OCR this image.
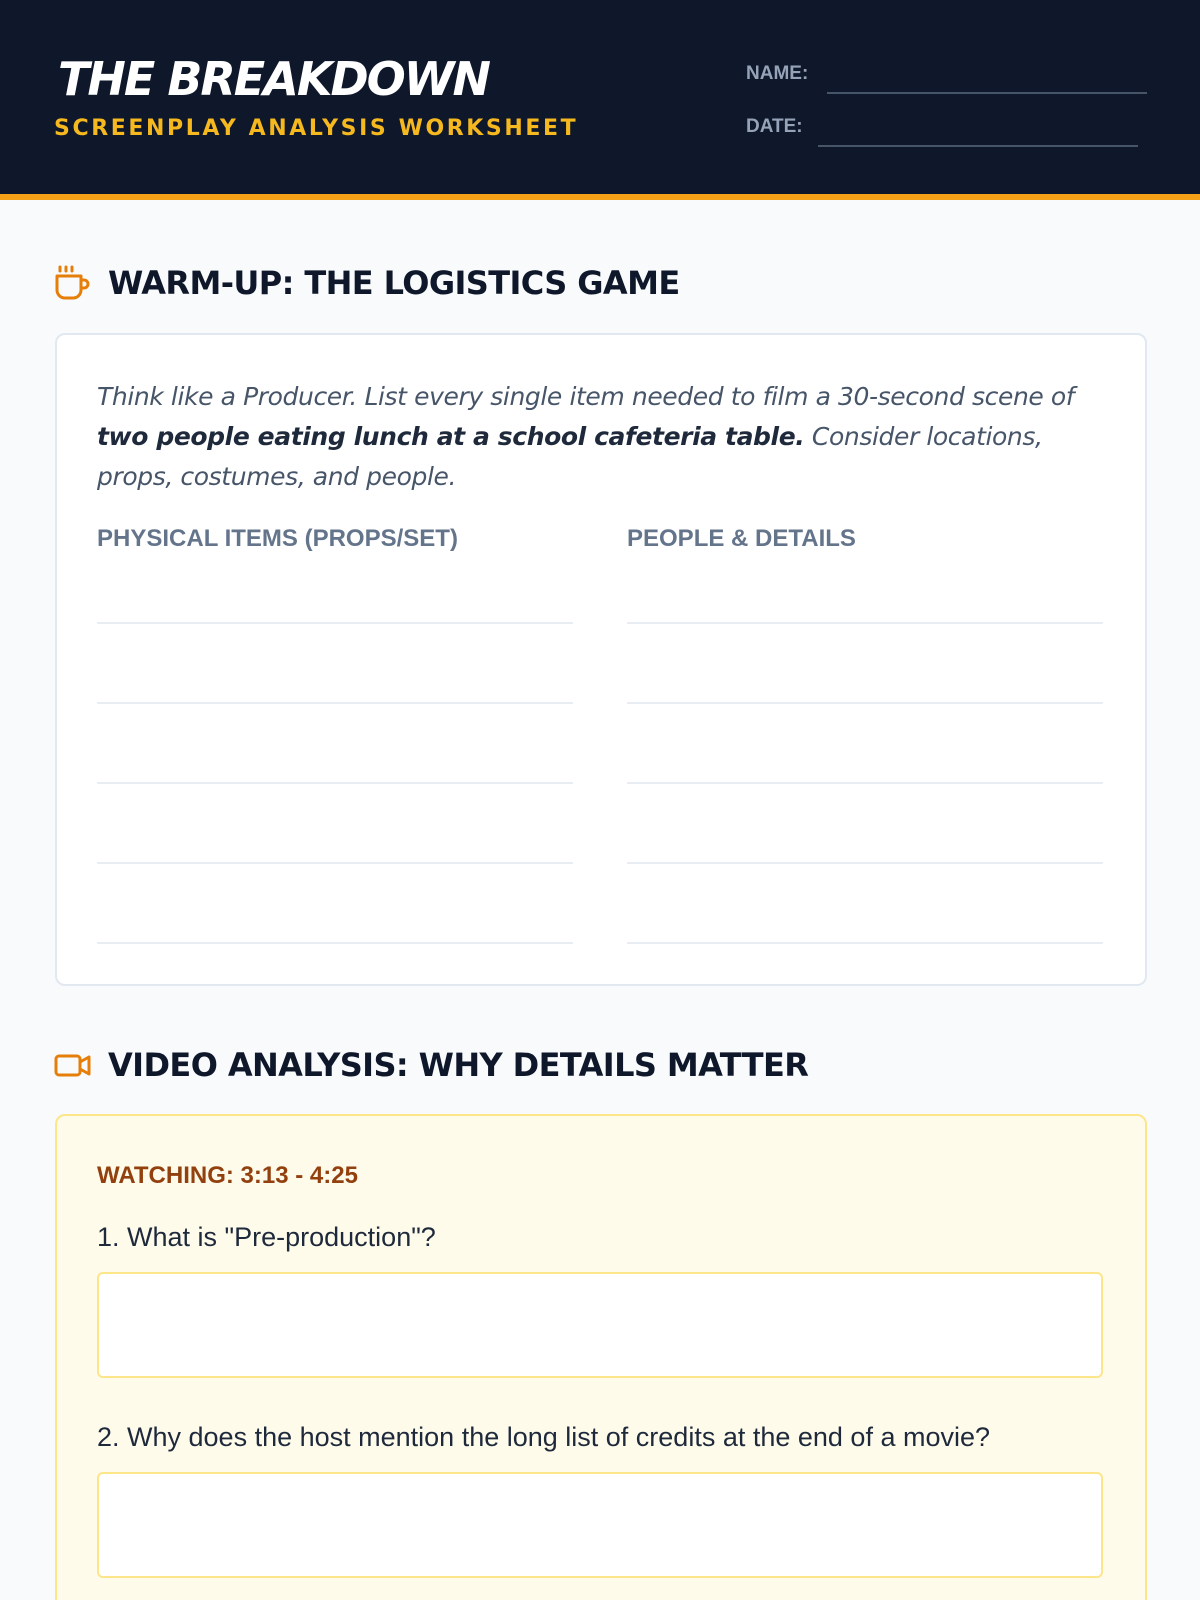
THE BREAKDOWN
SCREENPLAY ANALYSIS WORKSHEET
NAME:
DATE:
WARM-UP: THE LOGISTICS GAME
Think like a Producer. List every single item needed to film a 30-second scene of two people eating lunch at a school cafeteria table. Consider locations, props, costumes, and people.
PHYSICAL ITEMS (PROPS/SET)	PEOPLE & DETAILS
VIDEO ANALYSIS: WHY DETAILS MATTER
WATCHING: 3:13 - 4:25
1. What is "Pre-production"?
2. Why does the host mention the long list of credits at the end of a movie?
